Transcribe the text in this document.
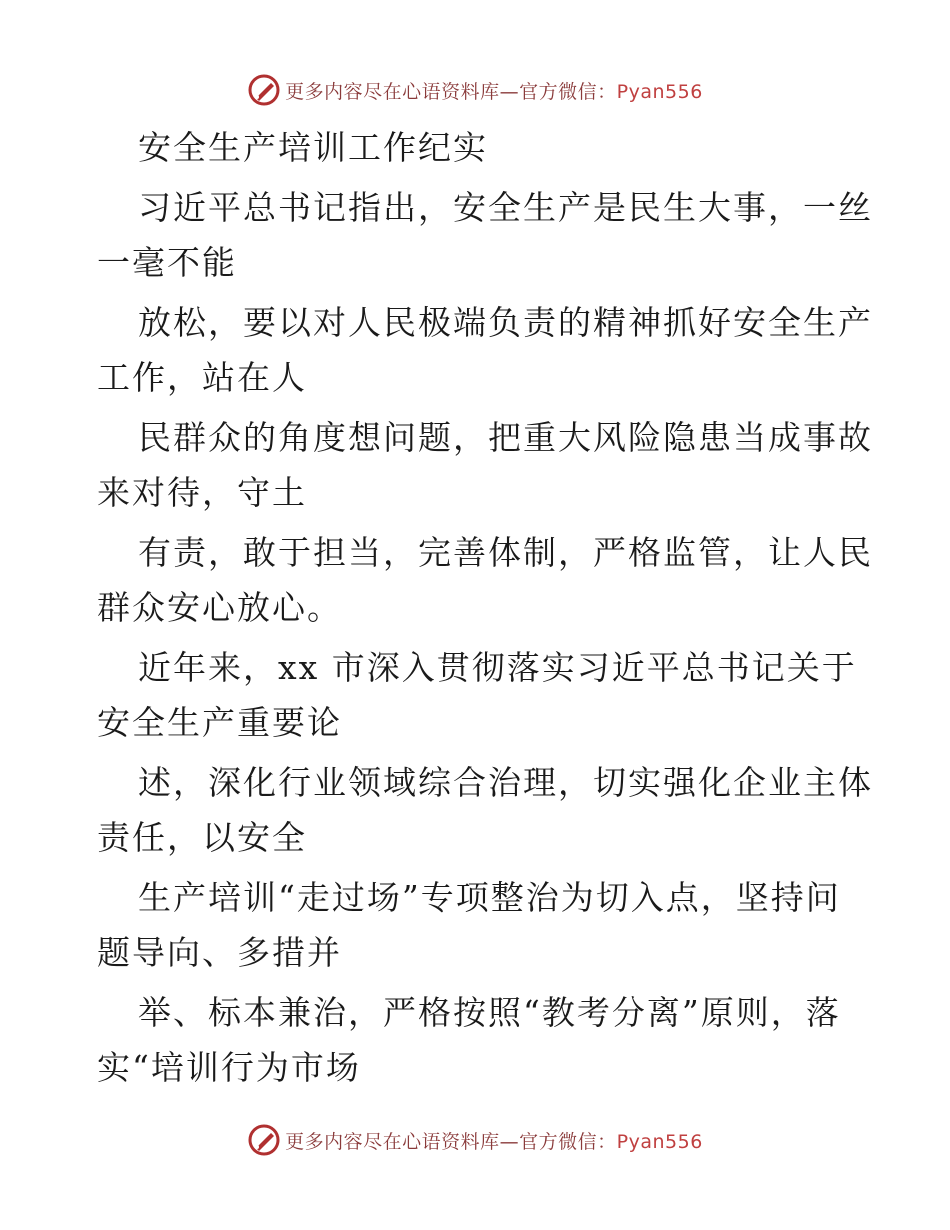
更多内容尽在心语资料库—官方微信：Pyan556
安全生产培训工作纪实
习近平总书记指出，安全生产是民生大事，一丝
一毫不能
放松，要以对人民极端负责的精神抓好安全生产
工作，站在人
民群众的角度想问题，把重大风险隐患当成事故
来对待，守土
有责，敢于担当，完善体制，严格监管，让人民
群众安心放心。
近年来，xx 市深入贯彻落实习近平总书记关于
安全生产重要论
述，深化行业领域综合治理，切实强化企业主体
责任，以安全
生产培训“走过场”专项整治为切入点，坚持问
题导向、多措并
举、标本兼治，严格按照“教考分离”原则，落
实“培训行为市场
更多内容尽在心语资料库—官方微信：Pyan556
